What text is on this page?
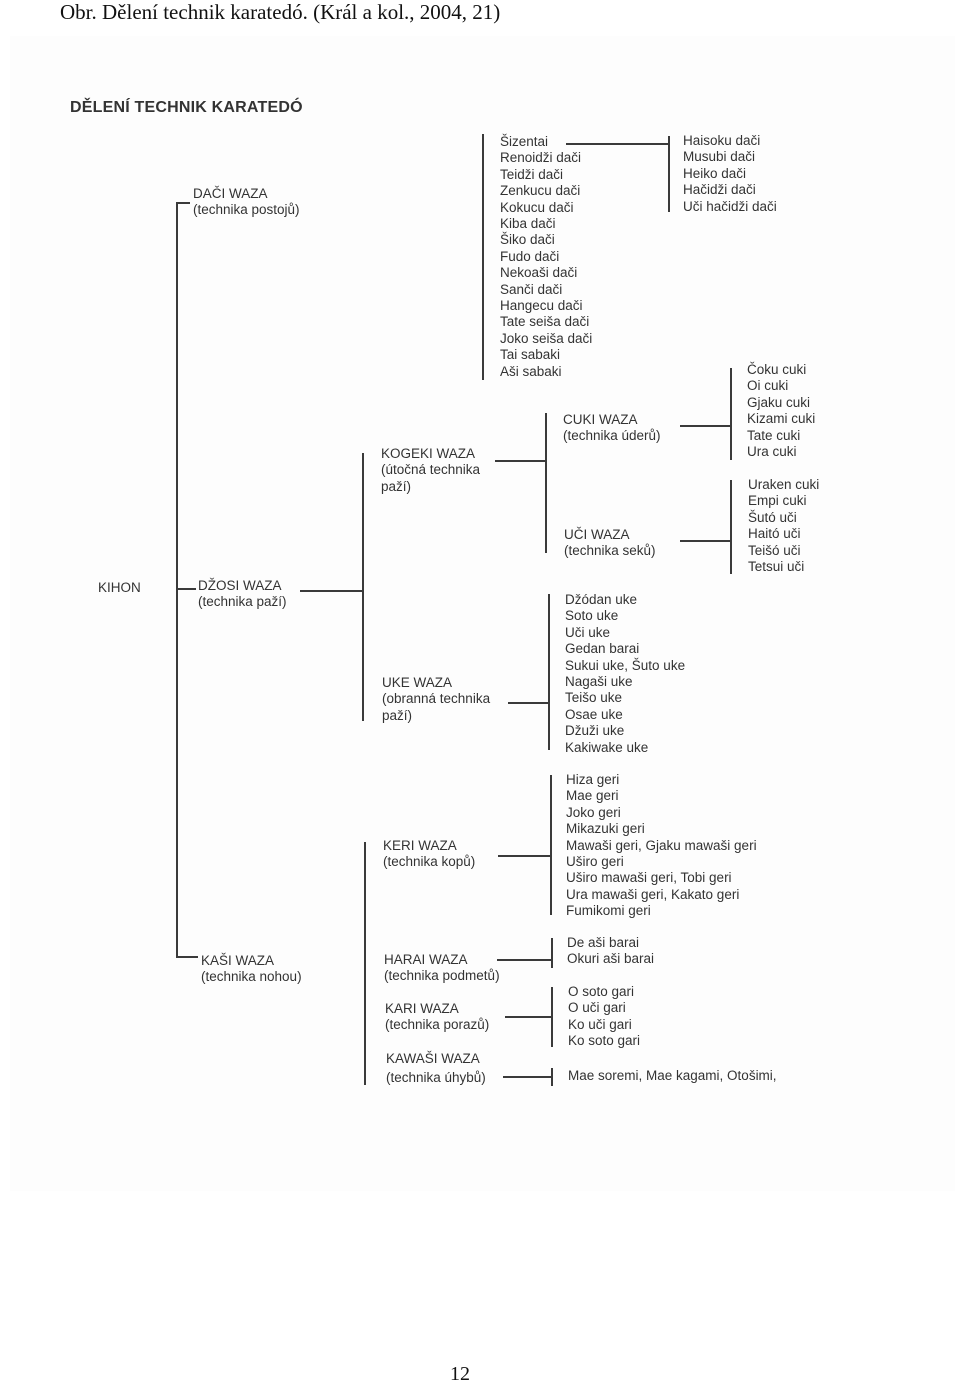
Obr. Dělení technik karatedó. (Král a kol., 2004, 21)
DĚLENÍ TECHNIK KARATEDÓ
KIHON
DAČI WAZA
(technika postojů)
Šizentai
Renoidži dači
Teidži dači
Zenkucu dači
Kokucu dači
Kiba dači
Šiko dači
Fudo dači
Nekoaši dači
Sanči dači
Hangecu dači
Tate seiša dači
Joko seiša dači
Tai sabaki
Aši sabaki
Haisoku dači
Musubi dači
Heiko dači
Hačidži dači
Uči hačidži dači
DŽOSI WAZA
(technika paží)
KOGEKI WAZA
(útočná technika
paží)
CUKI WAZA
(technika úderů)
Čoku cuki
Oi cuki
Gjaku cuki
Kizami cuki
Tate cuki
Ura cuki
UČI WAZA
(technika seků)
Uraken cuki
Empi cuki
Šutó uči
Haitó uči
Teišó uči
Tetsui uči
UKE WAZA
(obranná technika
paží)
Džódan uke
Soto uke
Uči uke
Gedan barai
Sukui uke, Šuto uke
Nagaši uke
Teišo uke
Osae uke
Džuži uke
Kakiwake uke
KAŠI WAZA
(technika nohou)
KERI WAZA
(technika kopů)
Hiza geri
Mae geri
Joko geri
Mikazuki geri
Mawaši geri, Gjaku mawaši geri
Uširo geri
Uširo mawaši geri, Tobi geri
Ura mawaši geri, Kakato geri
Fumikomi geri
HARAI WAZA
(technika podmetů)
De aši barai
Okuri aši barai
KARI WAZA
(technika porazů)
O soto gari
O uči gari
Ko uči gari
Ko soto gari
KAWAŠI WAZA
(technika úhybů)	Mae soremi, Mae kagami, Otošimi,
12
